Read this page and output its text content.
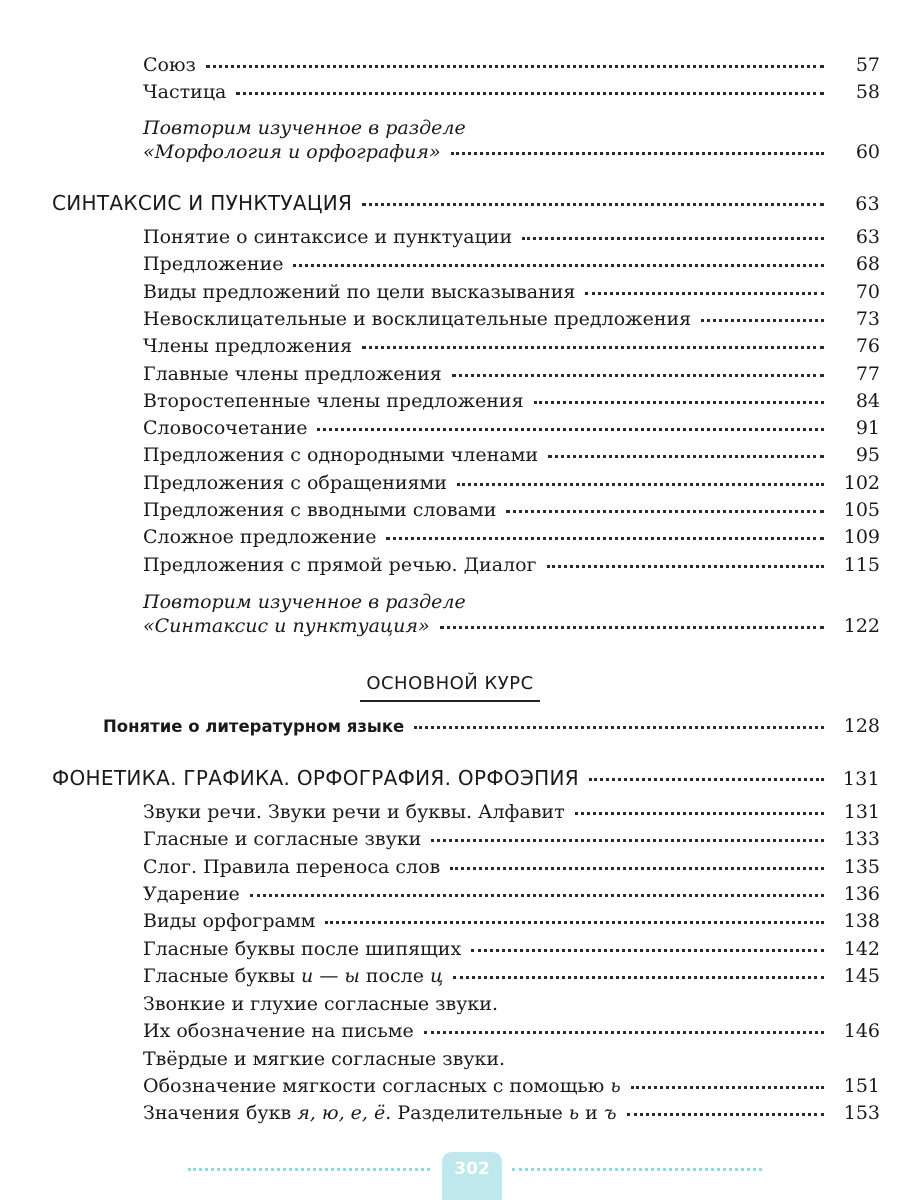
Союз	57
Частица	58
Повторим изученное в разделе
«Морфология и орфография»	60
СИНТАКСИС И ПУНКТУАЦИЯ	63
Понятие о синтаксисе и пунктуации	63
Предложение	68
Виды предложений по цели высказывания	70
Невосклицательные и восклицательные предложения	73
Члены предложения	76
Главные члены предложения	77
Второстепенные члены предложения	84
Словосочетание	91
Предложения с однородными членами	95
Предложения с обращениями	102
Предложения с вводными словами	105
Сложное предложение	109
Предложения с прямой речью. Диалог	115
Повторим изученное в разделе
«Синтаксис и пунктуация»	122
ОСНОВНОЙ КУРС
Понятие о литературном языке	128
ФОНЕТИКА. ГРАФИКА. ОРФОГРАФИЯ. ОРФОЭПИЯ	131
Звуки речи. Звуки речи и буквы. Алфавит	131
Гласные и согласные звуки	133
Слог. Правила переноса слов	135
Ударение	136
Виды орфограмм	138
Гласные буквы после шипящих	142
Гласные буквы и — ы после ц	145
Звонкие и глухие согласные звуки.
Их обозначение на письме	146
Твёрдые и мягкие согласные звуки.
Обозначение мягкости согласных с помощью ь	151
Значения букв я, ю, е, ё. Разделительные ь и ъ	153
302
